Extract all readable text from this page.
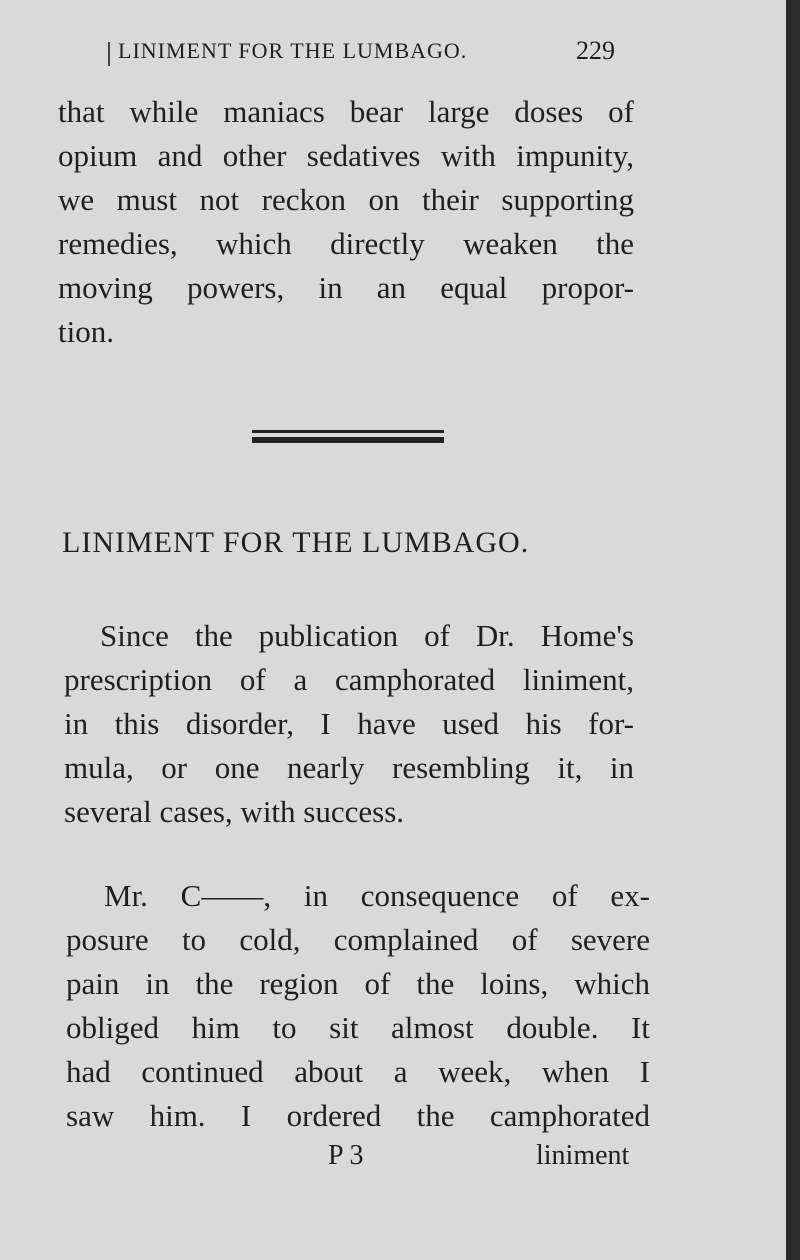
LINIMENT FOR THE LUMBAGO.	229
that while maniacs bear large doses of
opium and other sedatives with impunity,
we must not reckon on their supporting
remedies, which directly weaken the
moving powers, in an equal propor-
tion.
LINIMENT FOR THE LUMBAGO.
Since the publication of Dr. Home's
prescription of a camphorated liniment,
in this disorder, I have used his for-
mula, or one nearly resembling it, in
several cases, with success.
Mr. C——, in consequence of ex-
posure to cold, complained of severe
pain in the region of the loins, which
obliged him to sit almost double. It
had continued about a week, when I
saw him. I ordered the camphorated
P 3	liniment
